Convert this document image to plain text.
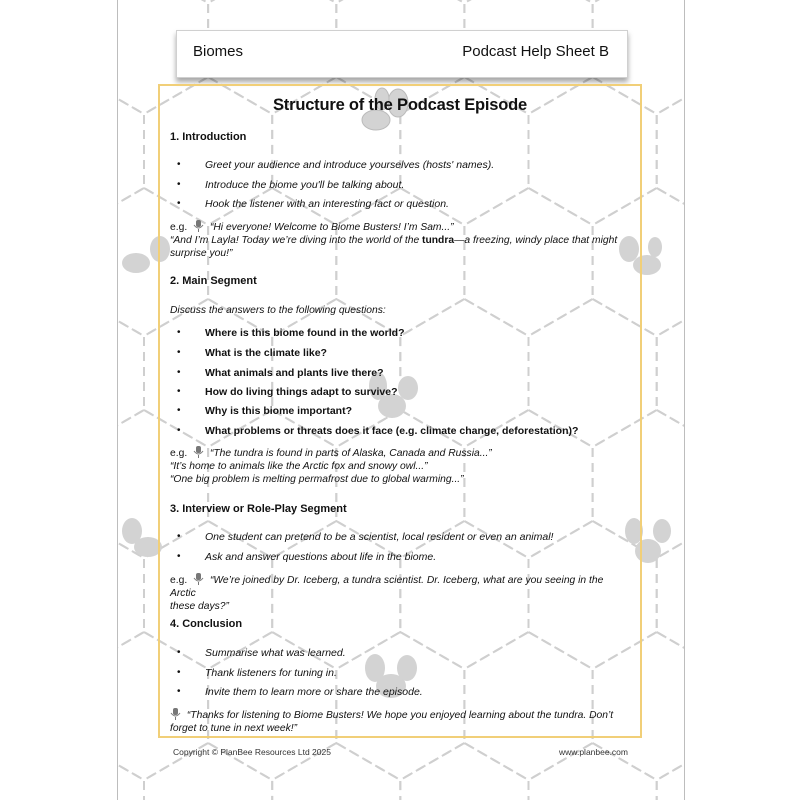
Biomes	Podcast Help Sheet B
Structure of the Podcast Episode
1. Introduction
• Greet your audience and introduce yourselves (hosts' names).
• Introduce the biome you'll be talking about.
• Hook the listener with an interesting fact or question.
e.g. “Hi everyone! Welcome to Biome Busters! I’m Sam...”
“And I’m Layla! Today we’re diving into the world of the tundra—a freezing, windy place that might
surprise you!”
2. Main Segment
Discuss the answers to the following questions:
• Where is this biome found in the world?
• What is the climate like?
• What animals and plants live there?
• How do living things adapt to survive?
• Why is this biome important?
• What problems or threats does it face (e.g. climate change, deforestation)?
e.g. “The tundra is found in parts of Alaska, Canada and Russia...”
“It’s home to animals like the Arctic fox and snowy owl...”
“One big problem is melting permafrost due to global warming...”
3. Interview or Role-Play Segment
• One student can pretend to be a scientist, local resident or even an animal!
• Ask and answer questions about life in the biome.
e.g. “We’re joined by Dr. Iceberg, a tundra scientist. Dr. Iceberg, what are you seeing in the Arctic
these days?”
4. Conclusion
• Summarise what was learned.
• Thank listeners for tuning in.
• Invite them to learn more or share the episode.
“Thanks for listening to Biome Busters! We hope you enjoyed learning about the tundra. Don’t
forget to tune in next week!”
Copyright © PlanBee Resources Ltd 2025	www.planbee.com
